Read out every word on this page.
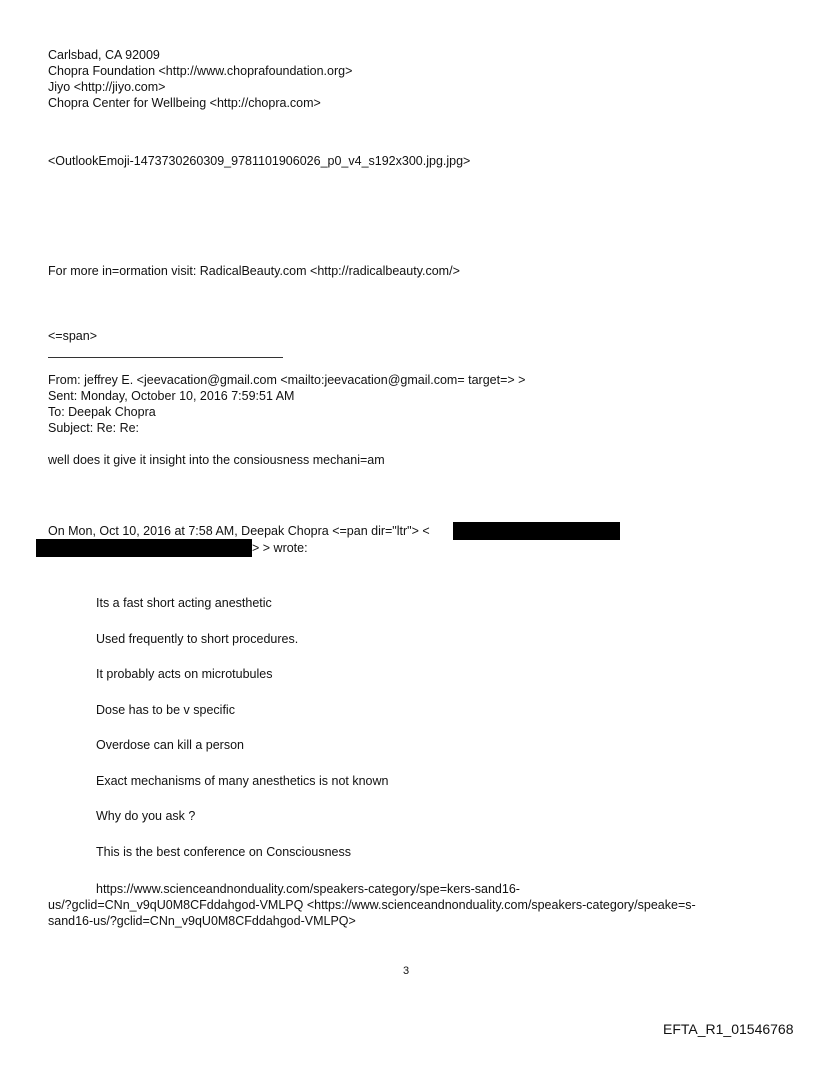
Carlsbad, CA 92009
Chopra Foundation <http://www.choprafoundation.org>
Jiyo <http://jiyo.com>
Chopra Center for Wellbeing <http://chopra.com>
<OutlookEmoji-1473730260309_9781101906026_p0_v4_s192x300.jpg.jpg>
For more in=ormation visit: RadicalBeauty.com <http://radicalbeauty.com/>
<=span>
From: jeffrey E. <jeevacation@gmail.com <mailto:jeevacation@gmail.com= target=> >
Sent: Monday, October 10, 2016 7:59:51 AM
To: Deepak Chopra
Subject: Re: Re:
well does it give it insight into the consiousness mechani=am
On Mon, Oct 10, 2016 at 7:58 AM, Deepak Chopra <=pan dir="ltr"> <
> > wrote:
Its a fast short acting anesthetic
Used frequently to short procedures.
It probably acts on microtubules
Dose has to be v specific
Overdose can kill a person
Exact mechanisms of many anesthetics is not known
Why do you ask ?
This is the best conference on Consciousness
https://www.scienceandnonduality.com/speakers-category/spe=kers-sand16-
us/?gclid=CNn_v9qU0M8CFddahgod-VMLPQ <https://www.scienceandnonduality.com/speakers-category/speake=s-
sand16-us/?gclid=CNn_v9qU0M8CFddahgod-VMLPQ>
3
EFTA_R1_01546768
